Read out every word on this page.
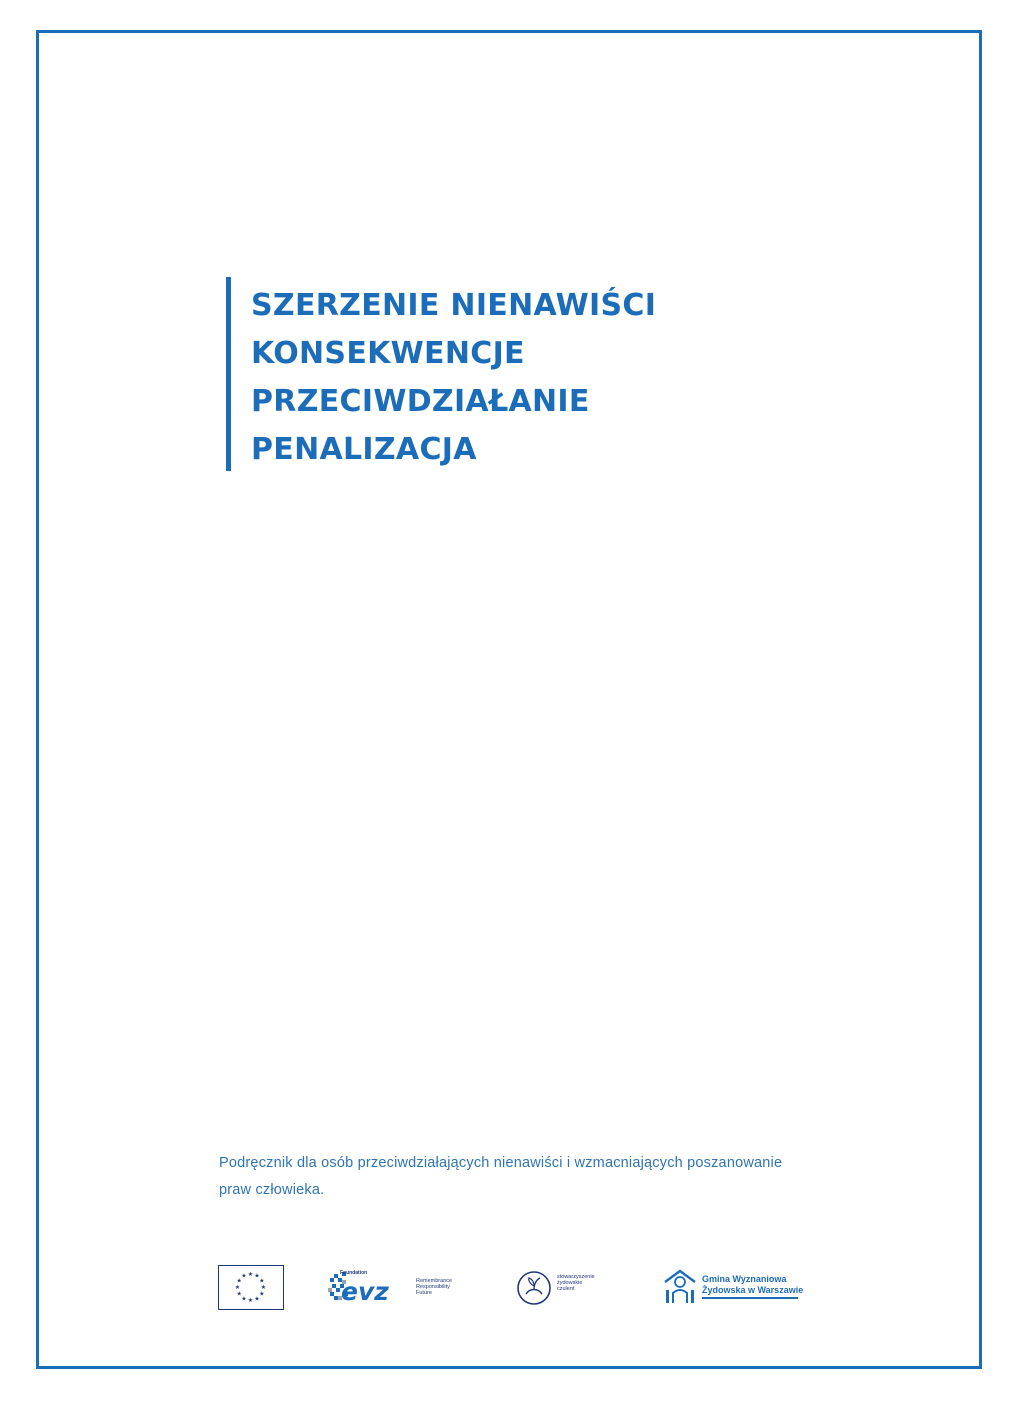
SZERZENIE NIENAWIŚCI
KONSEKWENCJE
PRZECIWDZIAŁANIE
PENALIZACJA
Podręcznik dla osób przeciwdziałających nienawiści i wzmacniających poszanowanie praw człowieka.
★ ★
★
★
★
★
★
★
★
★
★
★
evz
Foundation
Remembrance
Responsibility
Future
stowarzyszenie
żydowskie
czulent
Gmina Wyznaniowa
Żydowska w Warszawie
